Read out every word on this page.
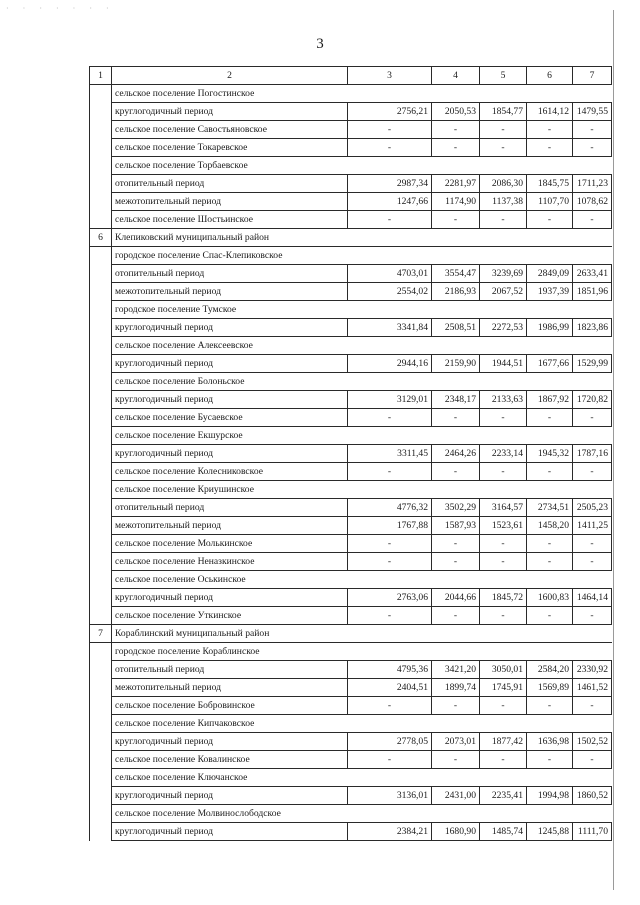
· · · · · · ·
3
1	2	3	4	5	6	7
	сельское поселение Погостинское					
	круглогодичный период	2756,21	2050,53	1854,77	1614,12	1479,55
	сельское поселение Савостьяновское	-	-	-	-	-
	сельское поселение Токаревское	-	-	-	-	-
	сельское поселение Торбаевское					
	отопительный период	2987,34	2281,97	2086,30	1845,75	1711,23
	межотопительный период	1247,66	1174,90	1137,38	1107,70	1078,62
	сельское поселение Шостьинское	-	-	-	-	-
6	Клепиковский муниципальный район					
	городское поселение Спас-Клепиковское					
	отопительный период	4703,01	3554,47	3239,69	2849,09	2633,41
	межотопительный период	2554,02	2186,93	2067,52	1937,39	1851,96
	городское поселение Тумское					
	круглогодичный период	3341,84	2508,51	2272,53	1986,99	1823,86
	сельское поселение Алексеевское					
	круглогодичный период	2944,16	2159,90	1944,51	1677,66	1529,99
	сельское поселение Болоньское					
	круглогодичный период	3129,01	2348,17	2133,63	1867,92	1720,82
	сельское поселение Бусаевское	-	-	-	-	-
	сельское поселение Екшурское					
	круглогодичный период	3311,45	2464,26	2233,14	1945,32	1787,16
	сельское поселение Колесниковское	-	-	-	-	-
	сельское поселение Криушинское					
	отопительный период	4776,32	3502,29	3164,57	2734,51	2505,23
	межотопительный период	1767,88	1587,93	1523,61	1458,20	1411,25
	сельское поселение Молькинское	-	-	-	-	-
	сельское поселение Неназкинское	-	-	-	-	-
	сельское поселение Оськинское					
	круглогодичный период	2763,06	2044,66	1845,72	1600,83	1464,14
	сельское поселение Уткинское	-	-	-	-	-
7	Кораблинский муниципальный район					
	городское поселение Кораблинское					
	отопительный период	4795,36	3421,20	3050,01	2584,20	2330,92
	межотопительный период	2404,51	1899,74	1745,91	1569,89	1461,52
	сельское поселение Бобровинское	-	-	-	-	-
	сельское поселение Кипчаковское					
	круглогодичный период	2778,05	2073,01	1877,42	1636,98	1502,52
	сельское поселение Ковалинское	-	-	-	-	-
	сельское поселение Ключанское					
	круглогодичный период	3136,01	2431,00	2235,41	1994,98	1860,52
	сельское поселение Молвинослободское					
	круглогодичный период	2384,21	1680,90	1485,74	1245,88	1111,70
